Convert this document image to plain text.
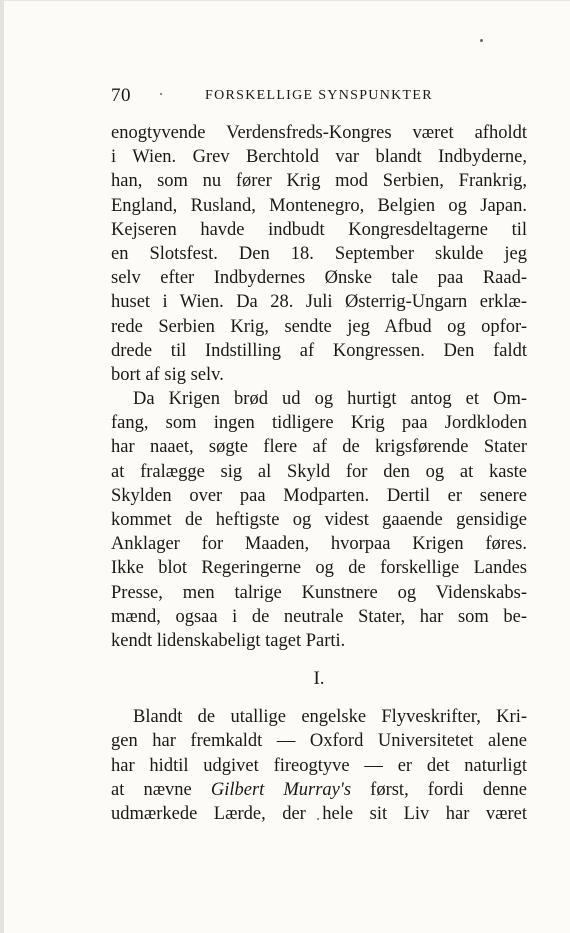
70	FORSKELLIGE SYNSPUNKTER
enogtyvende Verdensfreds-Kongres været afholdt
i Wien. Grev Berchtold var blandt Indbyderne,
han, som nu fører Krig mod Serbien, Frankrig,
England, Rusland, Montenegro, Belgien og Japan.
Kejseren havde indbudt Kongresdeltagerne til
en Slotsfest. Den 18. September skulde jeg
selv efter Indbydernes Ønske tale paa Raad-
huset i Wien. Da 28. Juli Østerrig-Ungarn erklæ-
rede Serbien Krig, sendte jeg Afbud og opfor-
drede til Indstilling af Kongressen. Den faldt
bort af sig selv.
Da Krigen brød ud og hurtigt antog et Om-
fang, som ingen tidligere Krig paa Jordkloden
har naaet, søgte flere af de krigsførende Stater
at fralægge sig al Skyld for den og at kaste
Skylden over paa Modparten. Dertil er senere
kommet de heftigste og videst gaaende gensidige
Anklager for Maaden, hvorpaa Krigen føres.
Ikke blot Regeringerne og de forskellige Landes
Presse, men talrige Kunstnere og Videnskabs-
mænd, ogsaa i de neutrale Stater, har som be-
kendt lidenskabeligt taget Parti.
I.
Blandt de utallige engelske Flyveskrifter, Kri-
gen har fremkaldt — Oxford Universitetet alene
har hidtil udgivet fireogtyve — er det naturligt
at nævne Gilbert Murray's først, fordi denne
udmærkede Lærde, der hele sit Liv har været
